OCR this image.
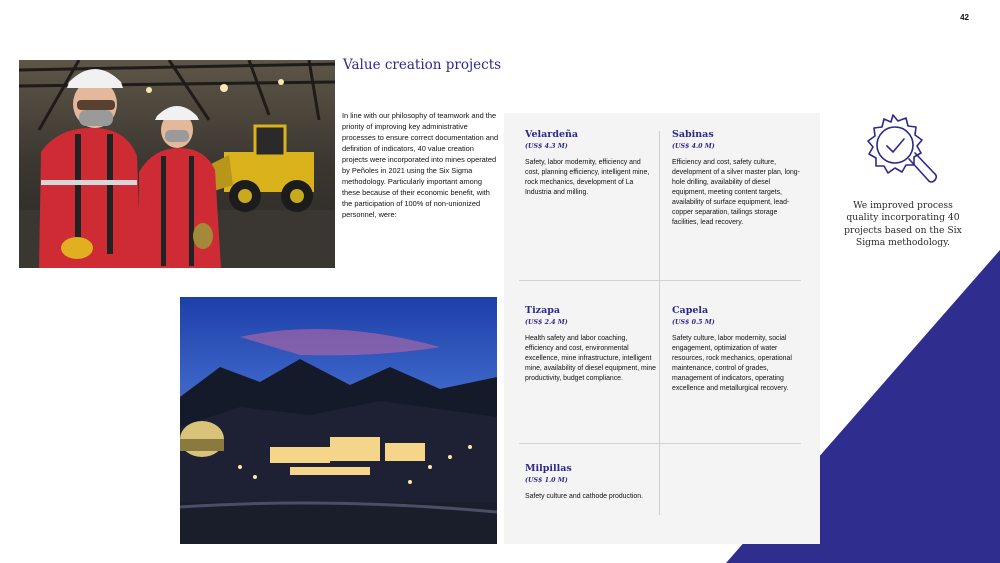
42
Value creation projects

In line with our philosophy of teamwork and the priority of improving key administrative processes to ensure correct documentation and definition of indicators, 40 value creation projects were incorporated into mines operated by Peñoles in 2021 using the Six Sigma methodology. Particularly important among these because of their economic benefit, with the participation of 100% of non-unionized personnel, were:

Velardeña

(US$ 4.3 M)

Safety, labor modernity, efficiency and cost, planning efficiency, intelligent mine, rock mechanics, development of La Industria and milling.

Sabinas

(US$ 4.0 M)

Efficiency and cost, safety culture, development of a silver master plan, long-hole drilling, availability of diesel equipment, meeting content targets, availability of surface equipment, lead-copper separation, tailings storage facilities, lead recovery.

Tizapa

(US$ 2.4 M)

Health safety and labor coaching, efficiency and cost, environmental excellence, mine infrastructure, intelligent mine, availability of diesel equipment, mine productivity, budget compliance.

Capela

(US$ 0.5 M)

Safety culture, labor modernity, social engagement, optimization of water resources, rock mechanics, operational maintenance, control of grades, management of indicators, operating excellence and metallurgical recovery.

Milpillas

(US$ 1.0 M)

Safety culture and cathode production.

We improved process quality incorporating 40 projects based on the Six Sigma methodology.
